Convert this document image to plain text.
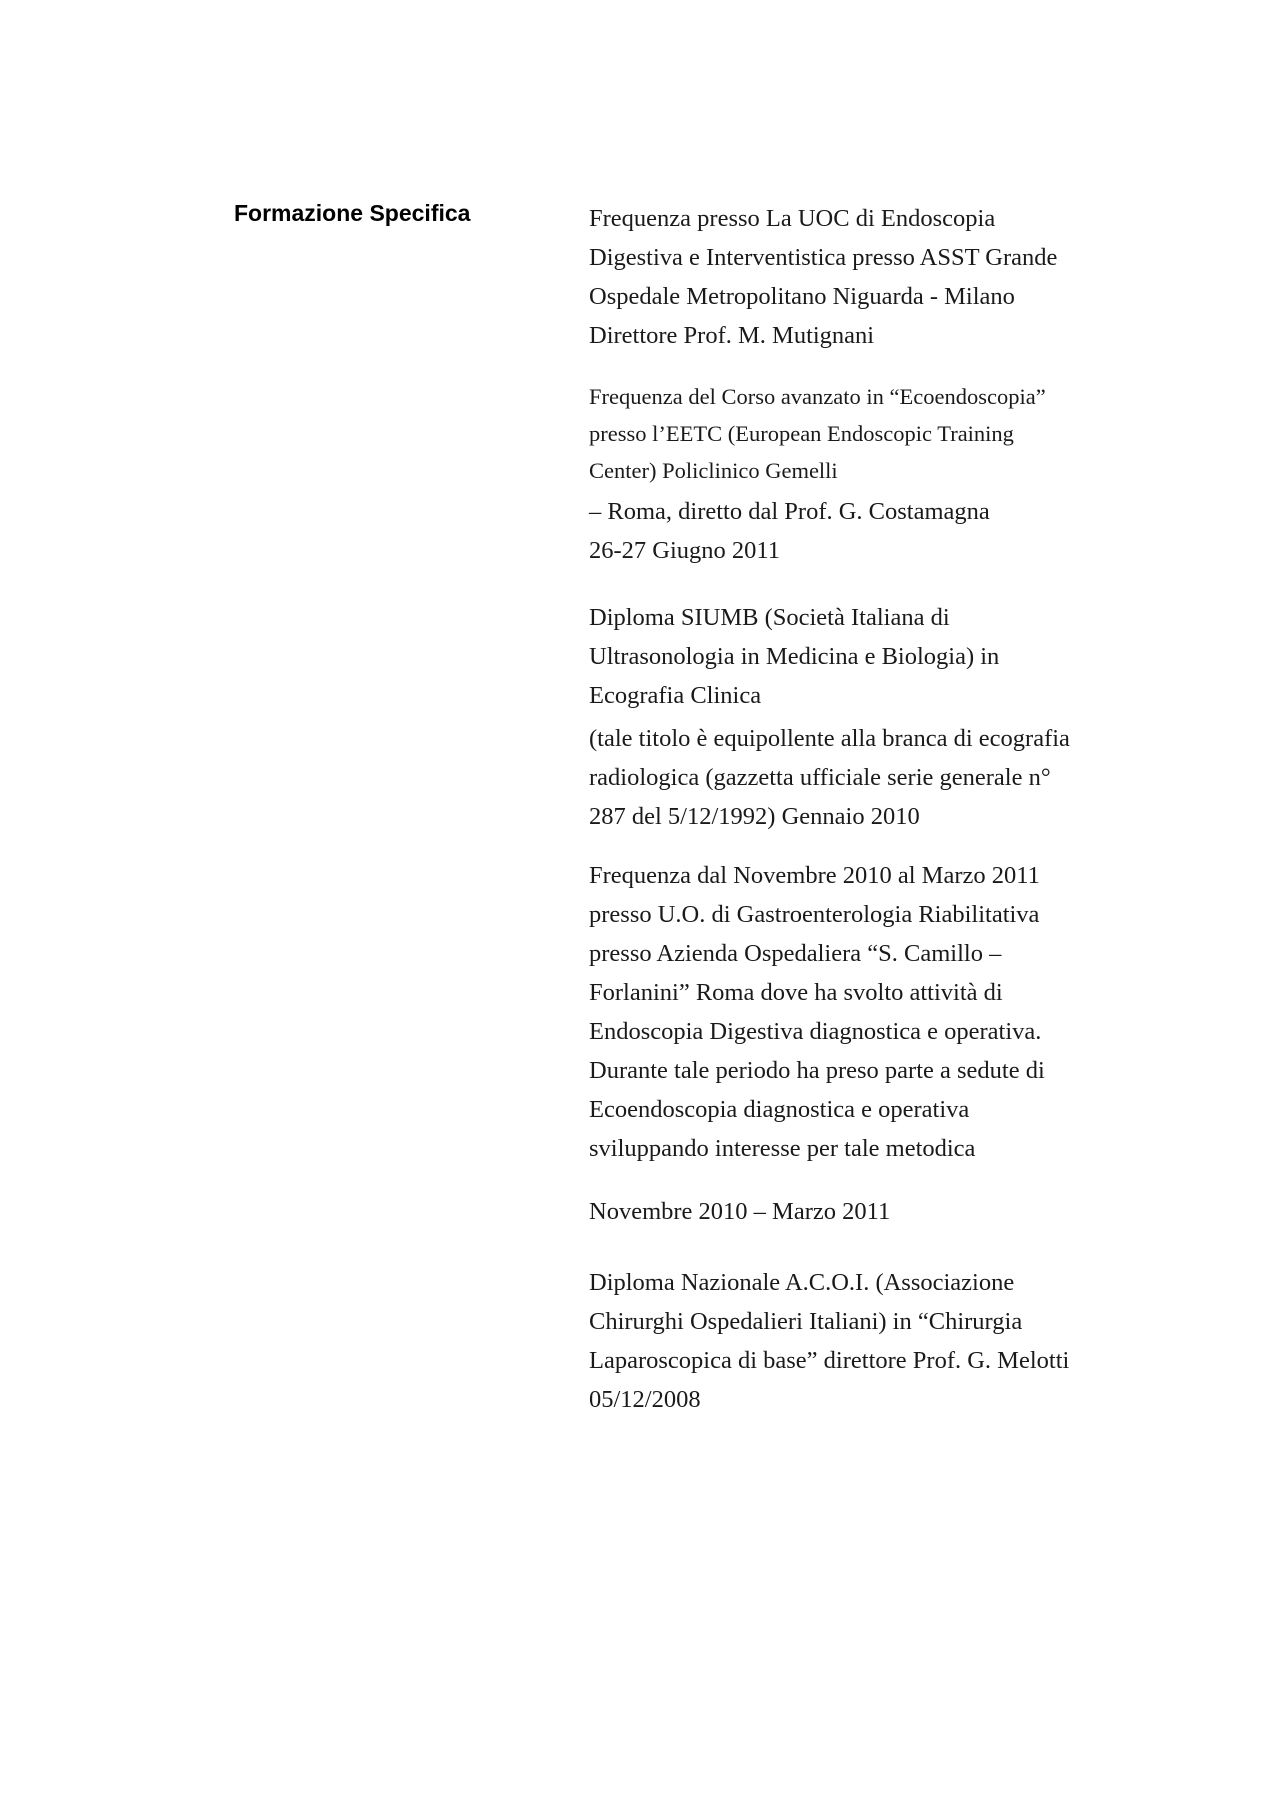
Formazione Specifica	Frequenza presso La UOC di Endoscopia

Digestiva e Interventistica presso ASST Grande

Ospedale Metropolitano Niguarda - Milano

Direttore Prof. M. Mutignani

Frequenza del Corso avanzato in “Ecoendoscopia”

presso l’EETC (European Endoscopic Training

Center) Policlinico Gemelli

– Roma, diretto dal Prof. G. Costamagna

26-27 Giugno 2011

Diploma SIUMB (Società Italiana di

Ultrasonologia in Medicina e Biologia) in

Ecografia Clinica

(tale titolo è equipollente alla branca di ecografia

radiologica (gazzetta ufficiale serie generale n°

287 del 5/12/1992) Gennaio 2010

Frequenza dal Novembre 2010 al Marzo 2011

presso U.O. di Gastroenterologia Riabilitativa

presso Azienda Ospedaliera “S. Camillo –

Forlanini” Roma dove ha svolto attività di

Endoscopia Digestiva diagnostica e operativa.

Durante tale periodo ha preso parte a sedute di

Ecoendoscopia diagnostica e operativa

sviluppando interesse per tale metodica

Novembre 2010 – Marzo 2011

Diploma Nazionale A.C.O.I. (Associazione

Chirurghi Ospedalieri Italiani) in “Chirurgia

Laparoscopica di base” direttore Prof. G. Melotti

05/12/2008
